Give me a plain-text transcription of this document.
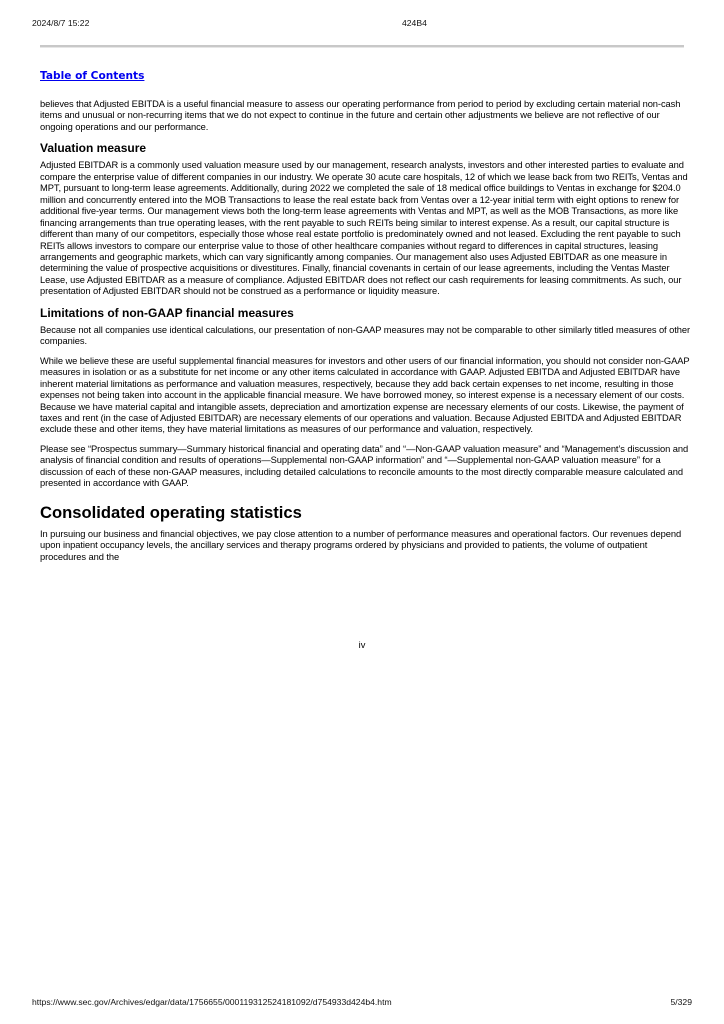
2024/8/7 15:22	424B4
Table of Contents

believes that Adjusted EBITDA is a useful financial measure to assess our operating performance from period to period by excluding certain material non-cash items and unusual or non-recurring items that we do not expect to continue in the future and certain other adjustments we believe are not reflective of our ongoing operations and our performance.

Valuation measure

Adjusted EBITDAR is a commonly used valuation measure used by our management, research analysts, investors and other interested parties to evaluate and compare the enterprise value of different companies in our industry. We operate 30 acute care hospitals, 12 of which we lease back from two REITs, Ventas and MPT, pursuant to long-term lease agreements. Additionally, during 2022 we completed the sale of 18 medical office buildings to Ventas in exchange for $204.0 million and concurrently entered into the MOB Transactions to lease the real estate back from Ventas over a 12-year initial term with eight options to renew for additional five-year terms. Our management views both the long-term lease agreements with Ventas and MPT, as well as the MOB Transactions, as more like financing arrangements than true operating leases, with the rent payable to such REITs being similar to interest expense. As a result, our capital structure is different than many of our competitors, especially those whose real estate portfolio is predominately owned and not leased. Excluding the rent payable to such REITs allows investors to compare our enterprise value to those of other healthcare companies without regard to differences in capital structures, leasing arrangements and geographic markets, which can vary significantly among companies. Our management also uses Adjusted EBITDAR as one measure in determining the value of prospective acquisitions or divestitures. Finally, financial covenants in certain of our lease agreements, including the Ventas Master Lease, use Adjusted EBITDAR as a measure of compliance. Adjusted EBITDAR does not reflect our cash requirements for leasing commitments. As such, our presentation of Adjusted EBITDAR should not be construed as a performance or liquidity measure.

Limitations of non-GAAP financial measures

Because not all companies use identical calculations, our presentation of non-GAAP measures may not be comparable to other similarly titled measures of other companies.

While we believe these are useful supplemental financial measures for investors and other users of our financial information, you should not consider non-GAAP measures in isolation or as a substitute for net income or any other items calculated in accordance with GAAP. Adjusted EBITDA and Adjusted EBITDAR have inherent material limitations as performance and valuation measures, respectively, because they add back certain expenses to net income, resulting in those expenses not being taken into account in the applicable financial measure. We have borrowed money, so interest expense is a necessary element of our costs. Because we have material capital and intangible assets, depreciation and amortization expense are necessary elements of our costs. Likewise, the payment of taxes and rent (in the case of Adjusted EBITDAR) are necessary elements of our operations and valuation. Because Adjusted EBITDA and Adjusted EBITDAR exclude these and other items, they have material limitations as measures of our performance and valuation, respectively.

Please see “Prospectus summary—Summary historical financial and operating data” and “—Non-GAAP valuation measure” and “Management’s discussion and analysis of financial condition and results of operations—Supplemental non-GAAP information” and “—Supplemental non-GAAP valuation measure” for a discussion of each of these non-GAAP measures, including detailed calculations to reconcile amounts to the most directly comparable measure calculated and presented in accordance with GAAP.

Consolidated operating statistics

In pursuing our business and financial objectives, we pay close attention to a number of performance measures and operational factors. Our revenues depend upon inpatient occupancy levels, the ancillary services and therapy programs ordered by physicians and provided to patients, the volume of outpatient procedures and the

iv
https://www.sec.gov/Archives/edgar/data/1756655/000119312524181092/d754933d424b4.htm	5/329
